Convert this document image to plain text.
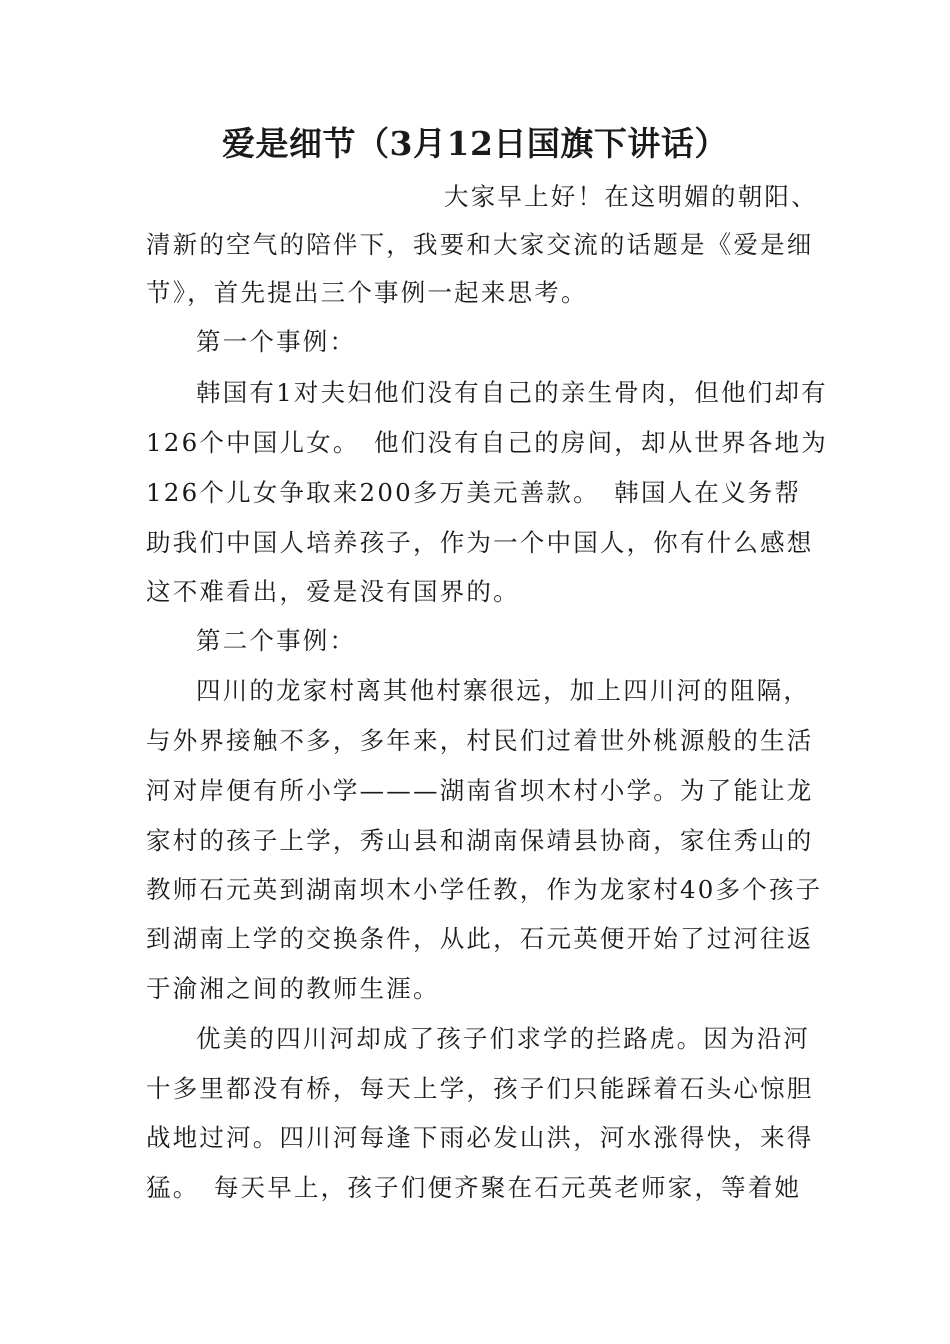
爱是细节（3月12日国旗下讲话）
大家早上好！在这明媚的朝阳、
清新的空气的陪伴下，我要和大家交流的话题是《爱是细
节》，首先提出三个事例一起来思考。
第一个事例：
韩国有1对夫妇他们没有自己的亲生骨肉，但他们却有
126个中国儿女。　他们没有自己的房间，却从世界各地为
126个儿女争取来200多万美元善款。　韩国人在义务帮
助我们中国人培养孩子，作为一个中国人，你有什么感想
这不难看出，爱是没有国界的。
第二个事例：
四川的龙家村离其他村寨很远，加上四川河的阻隔，
与外界接触不多，多年来，村民们过着世外桃源般的生活
河对岸便有所小学———湖南省坝木村小学。为了能让龙
家村的孩子上学，秀山县和湖南保靖县协商，家住秀山的
教师石元英到湖南坝木小学任教，作为龙家村40多个孩子
到湖南上学的交换条件，从此，石元英便开始了过河往返
于渝湘之间的教师生涯。
优美的四川河却成了孩子们求学的拦路虎。因为沿河
十多里都没有桥，每天上学，孩子们只能踩着石头心惊胆
战地过河。四川河每逢下雨必发山洪，河水涨得快，来得
猛。　每天早上，孩子们便齐聚在石元英老师家，等着她
